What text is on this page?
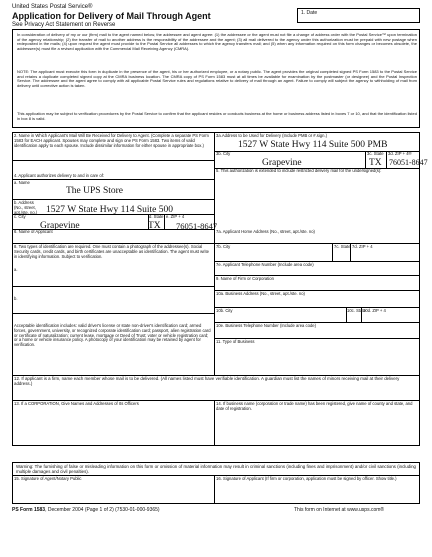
United States Postal Service®
Application for Delivery of Mail Through Agent
See Privacy Act Statement on Reverse
1. Date
In consideration of delivery of my or our (firm) mail to the agent named below, the addressee and agent agree: (1) the addressee or the agent must not file a change of address order with the Postal Service™ upon termination of the agency relationship; (2) the transfer of mail to another address is the responsibility of the addressee and the agent; (3) all mail delivered to the agency under this authorization must be prepaid with new postage when redeposited in the mails; (4) upon request the agent must provide to the Postal Service all addresses to which the agency transfers mail; and (5) when any information required on this form changes or becomes obsolete, the addressee(s) must file a revised application with the Commercial Mail Receiving Agency (CMRA).
NOTE: The applicant must execute this form in duplicate in the presence of the agent, his or her authorized employee, or a notary public. The agent provides the original completed signed PS Form 1583 to the Postal Service and retains a duplicate completed signed copy at the CMRA business location. The CMRA copy of PS Form 1583 must at all times be available for examination by the postmaster (or designee) and the Postal Inspection Service. The addressee and the agent agree to comply with all applicable Postal Service rules and regulations relative to delivery of mail through an agent. Failure to comply will subject the agency to withholding of mail from delivery until corrective action is taken.
This application may be subject to verification procedures by the Postal Service to confirm that the applicant resides or conducts business at the home or business address listed in boxes 7 or 10, and that the identification listed in box 8 is valid.
2. Name in Which Applicant's Mail Will Be Received for Delivery to Agent. (Complete a separate PS Form 1583 for EACH applicant. Spouses may complete and sign one PS Form 1583. Two items of valid identification apply to each spouse. Include dissimilar information for either spouse in appropriate box.)
3a.Address to be Used for Delivery (Include PMB or #.sign.)
1527 W State Hwy 114 Suite 500 PMB
3b. City	3c. State 3d. ZIP + 4®
Grapevine	TX 76051-8647
4. Applicant authorizes delivery to and in care of:
5. This authorization is extended to include restricted delivery mail for the undersigned(s):
a. Name
The UPS Store
b. Address (No., street, apt./ste. no.) 1527 W State Hwy 114 Suite 500
c. City	d. State e. ZIP + 4
Grapevine	TX 76051-8647
6. Name of Applicant	7a. Applicant Home Address (No., street, apt./ste. no)
8. Two types of identification are required. One must contain a photograph of the addressee(s). Social Security cards, credit cards, and birth certificates are unacceptable as identification. The agent must write in identifying information. Subject to verification.
7b. City	7c. State 7d. ZIP + 4
a.
7e. Applicant Telephone Number (Include area code)
9. Name of Firm or Corporation
b.
10a. Business Address (No., street, apt./ste. no)
10b. City	10c. State
10d. ZIP + 4
Acceptable identification includes: valid driver's license or state non-driver's identification card; armed forces, government, university, or recognized corporate identification card; passport, alien registration card or certificate of naturalization; current lease, mortgage or Deed of Trust; voter or vehicle registration card; or a home or vehicle insurance policy. A photocopy of your identification may be retained by agent for verification.
10e. Business Telephone Number (Include area code)
11. Type of Business
12. If applicant is a firm, name each member whose mail is to be delivered. (All names listed must have verifiable identification. A guardian must list the names of minors receiving mail at their delivery address.)
13. If a CORPORATION, Give Names and Addresses of Its Officers	14. If business name (corporation or trade name) has been registered, give name of county and state, and date of registration.
Warning: The furnishing of false or misleading information on this form or omission of material information may result in criminal sanctions (including fines and imprisonment) and/or civil sanctions (including multiple damages and civil penalties).
15. Signature of Agent/Notary Public	16. Signature of Applicant (If firm or corporation, application must be signed by officer. Show title.)
PS Form 1583, December 2004 (Page 1 of 2) (7530-01-000-9365)	This form on Internet at www.usps.com®
